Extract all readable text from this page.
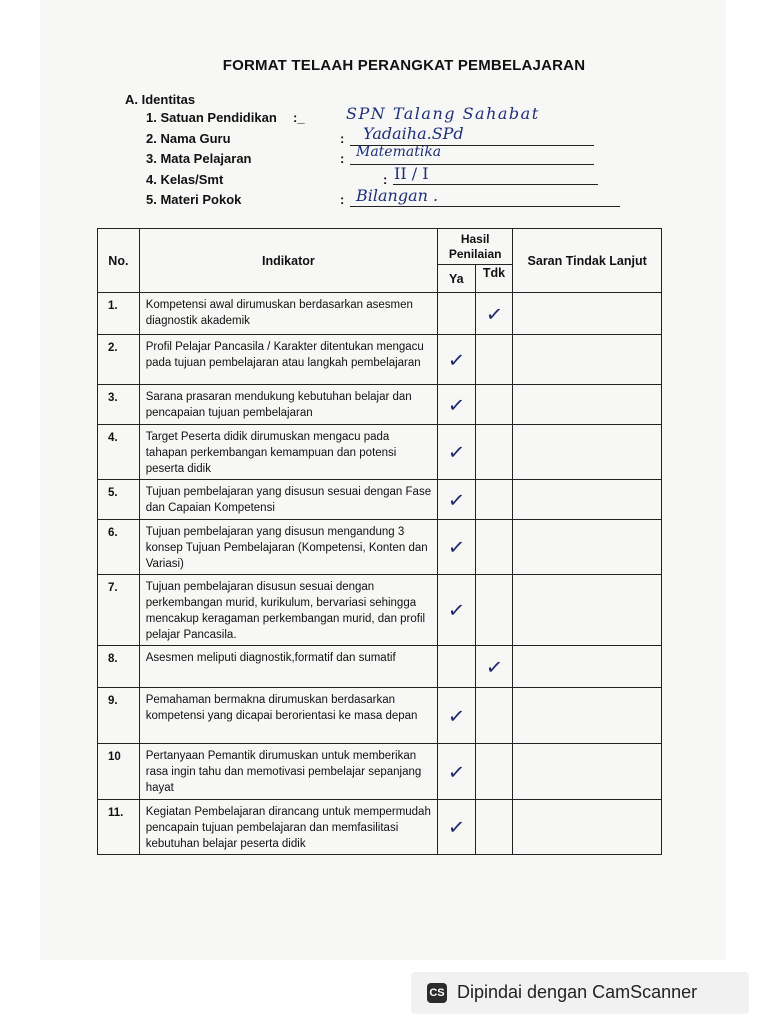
FORMAT TELAAH PERANGKAT PEMBELAJARAN
A. Identitas
1. Satuan Pendidikan :_	SPN Talang Sahabat
2. Nama Guru	: Yadaiha.SPd
3. Mata Pelajaran	: Matematika
4. Kelas/Smt	: II / I
5. Materi Pokok	: Bilangan .
No.	Indikator	Hasil Penilaian		Saran Tindak Lanjut
		Ya	Tdk	
1.	Kompetensi awal dirumuskan berdasarkan asesmen diagnostik akademik		✓	
2.	Profil Pelajar Pancasila / Karakter ditentukan mengacu pada tujuan pembelajaran atau langkah pembelajaran	✓		
3.	Sarana prasaran mendukung kebutuhan belajar dan pencapaian tujuan pembelajaran	✓		
4.	Target Peserta didik dirumuskan mengacu pada tahapan perkembangan kemampuan dan potensi peserta didik	✓		
5.	Tujuan pembelajaran yang disusun sesuai dengan Fase dan Capaian Kompetensi	✓		
6.	Tujuan pembelajaran yang disusun mengandung 3 konsep Tujuan Pembelajaran (Kompetensi, Konten dan Variasi)	✓		
7.	Tujuan pembelajaran disusun sesuai dengan perkembangan murid, kurikulum, bervariasi sehingga mencakup keragaman perkembangan murid, dan profil pelajar Pancasila.	✓		
8.	Asesmen meliputi diagnostik,formatif dan sumatif		✓	
9.	Pemahaman bermakna dirumuskan berdasarkan kompetensi yang dicapai berorientasi ke masa depan	✓		
10	Pertanyaan Pemantik dirumuskan untuk memberikan rasa ingin tahu dan memotivasi pembelajar sepanjang hayat	✓		
11.	Kegiatan Pembelajaran dirancang untuk mempermudah pencapain tujuan pembelajaran dan memfasilitasi kebutuhan belajar peserta didik	✓		
CS Dipindai dengan CamScanner
